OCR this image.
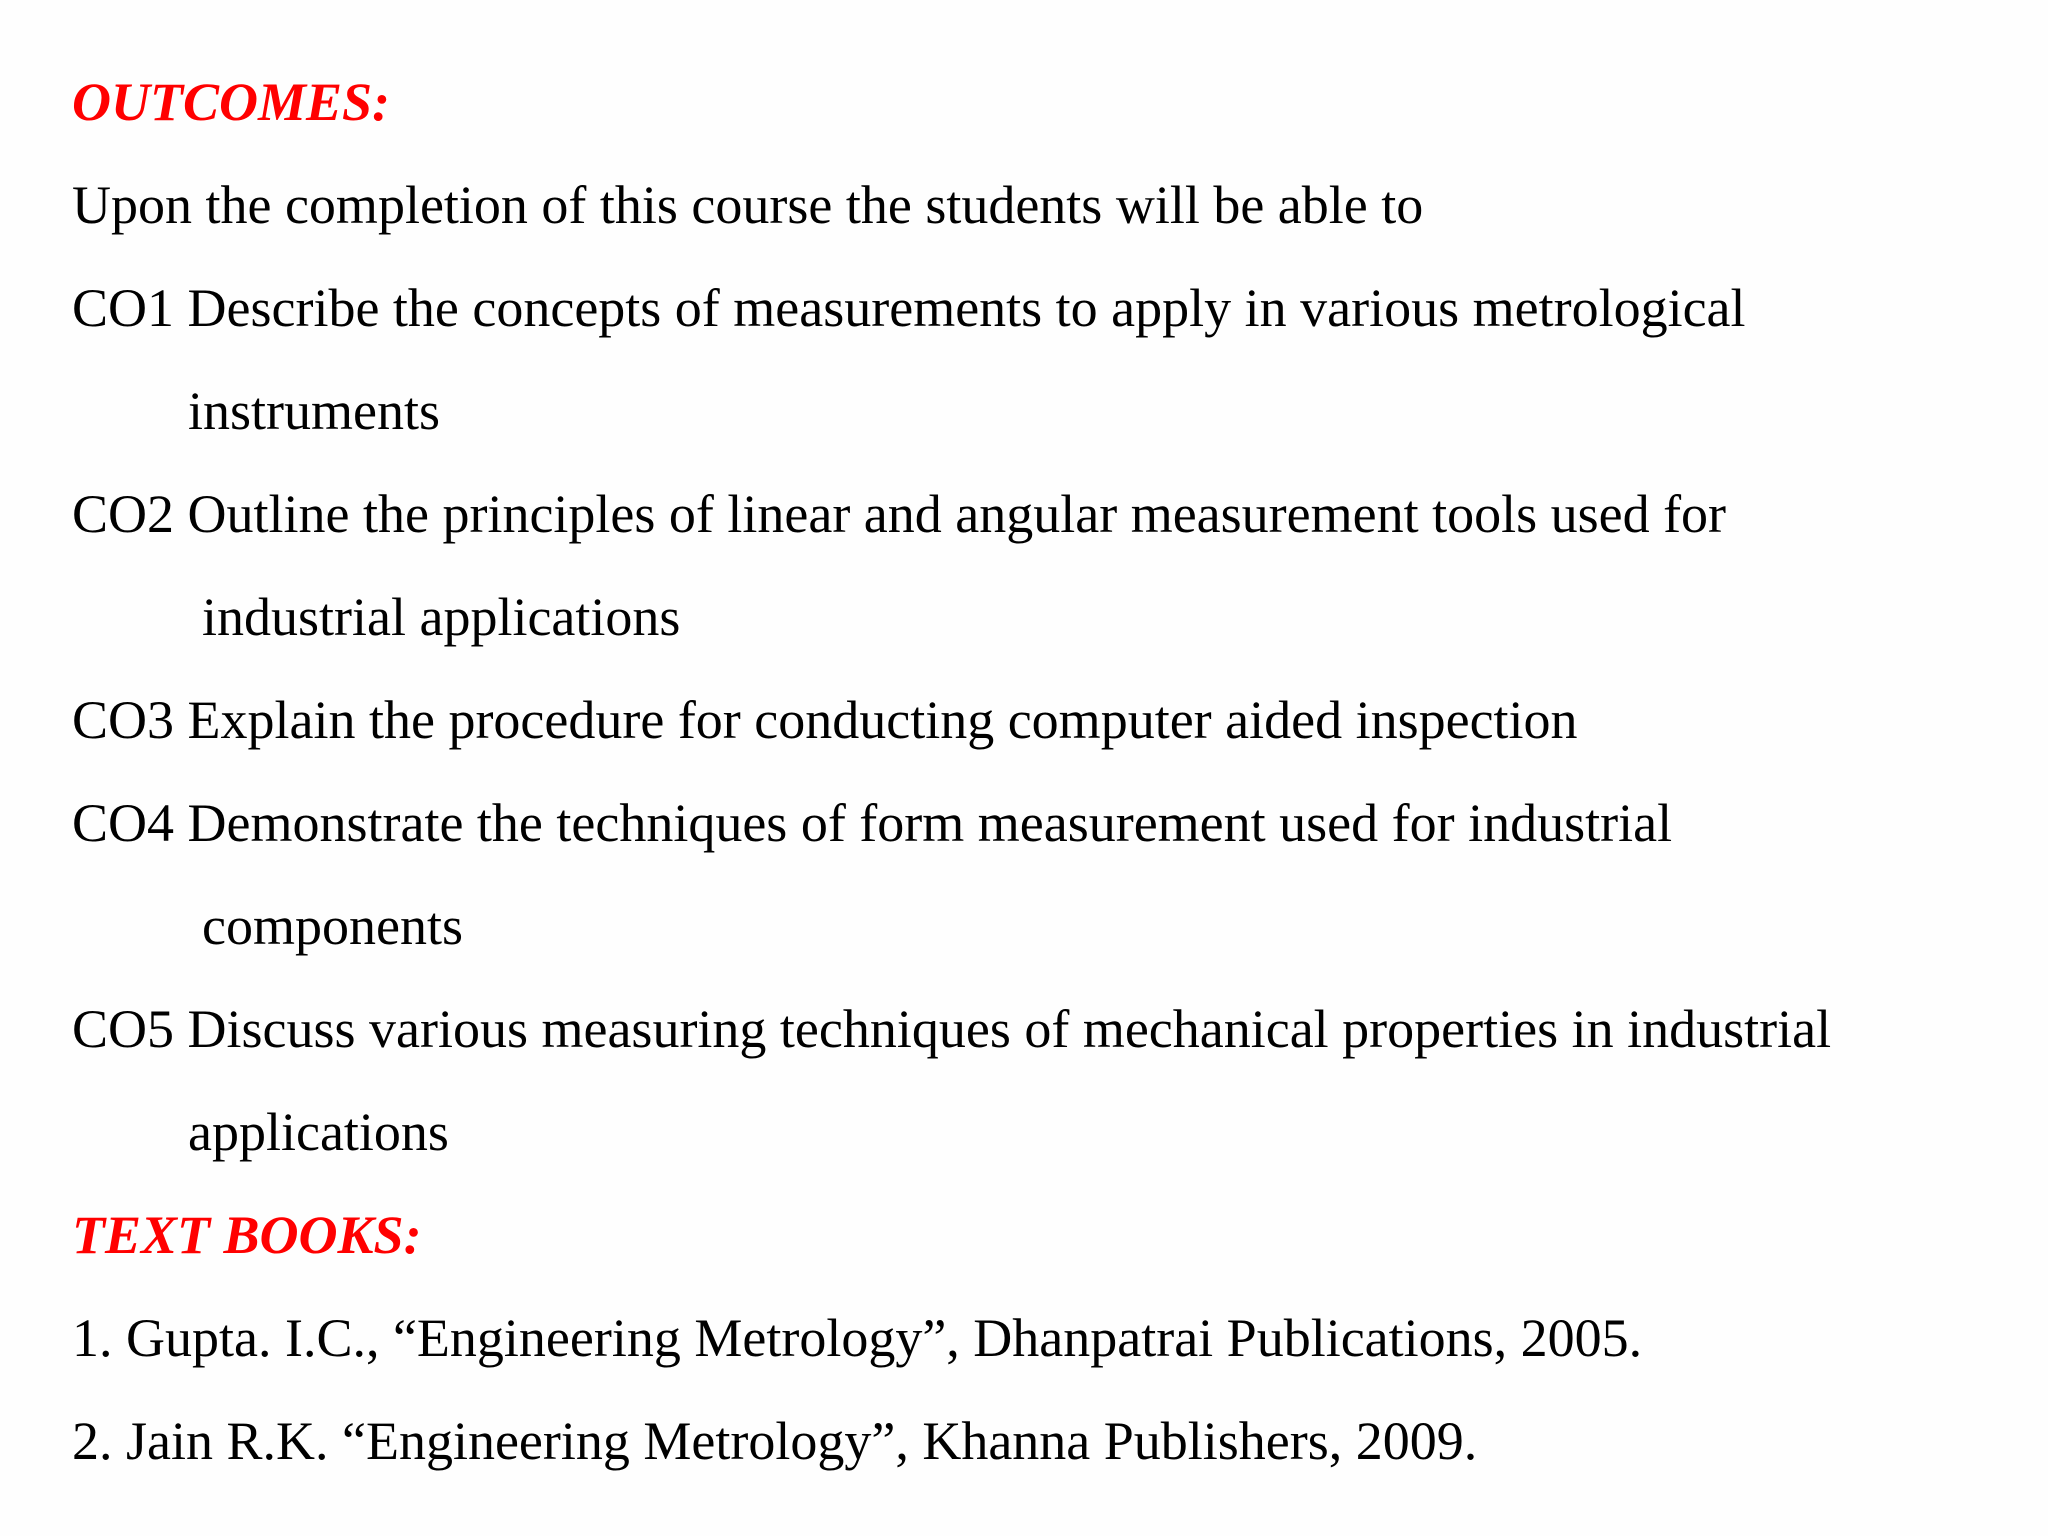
OUTCOMES:
Upon the completion of this course the students will be able to
CO1 Describe the concepts of measurements to apply in various metrological
instruments
CO2 Outline the principles of linear and angular measurement tools used for
industrial applications
CO3 Explain the procedure for conducting computer aided inspection
CO4 Demonstrate the techniques of form measurement used for industrial
components
CO5 Discuss various measuring techniques of mechanical properties in industrial
applications
TEXT BOOKS:
1. Gupta. I.C., “Engineering Metrology”, Dhanpatrai Publications, 2005.
2. Jain R.K. “Engineering Metrology”, Khanna Publishers, 2009.
